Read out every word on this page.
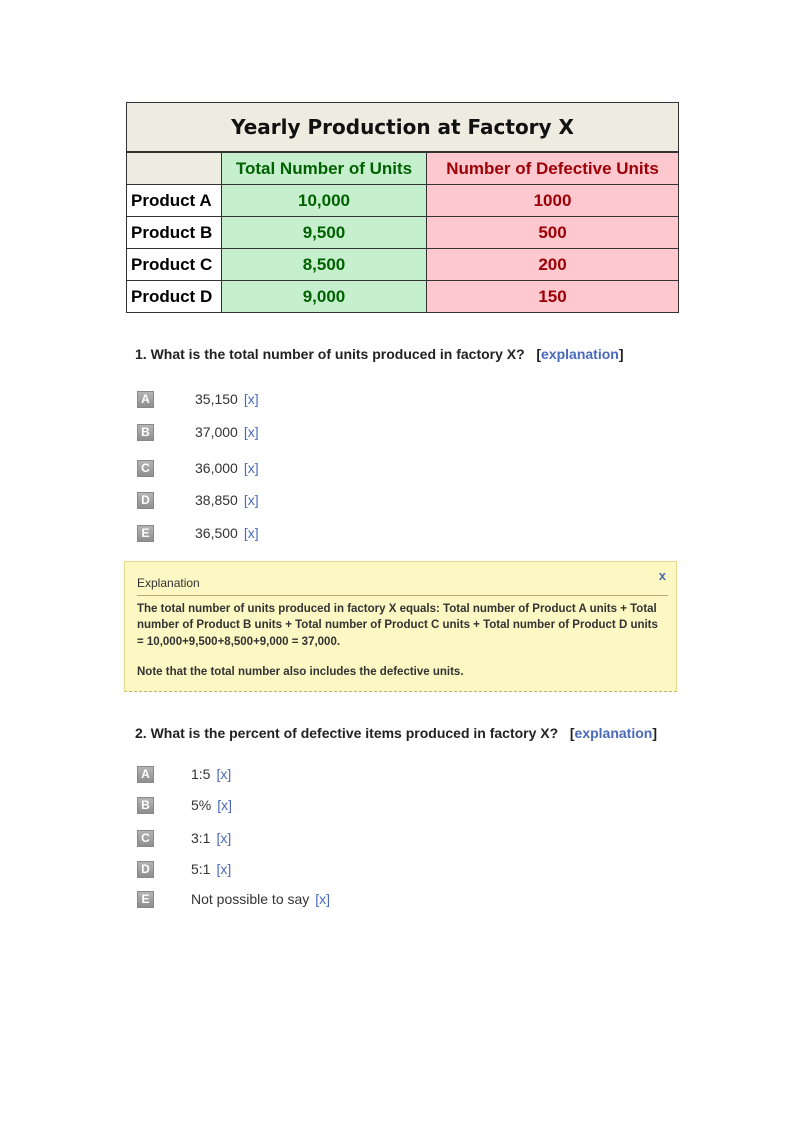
Yearly Production at Factory X		
	Total Number of Units	Number of Defective Units
Product A	10,000	1000
Product B	9,500	500
Product C	8,500	200
Product D	9,000	150
1. What is the total number of units produced in factory X? [explanation]
A	35,150 [x]
B	37,000 [x]
C	36,000 [x]
D	38,850 [x]
E	36,500 [x]
Explanation	x
The total number of units produced in factory X equals: Total number of Product A units + Total number of Product B units + Total number of Product C units + Total number of Product D units = 10,000+9,500+8,500+9,000 = 37,000.
Note that the total number also includes the defective units.
2. What is the percent of defective items produced in factory X? [explanation]
A	1:5 [x]
B	5% [x]
C	3:1 [x]
D	5:1 [x]
E	Not possible to say [x]
